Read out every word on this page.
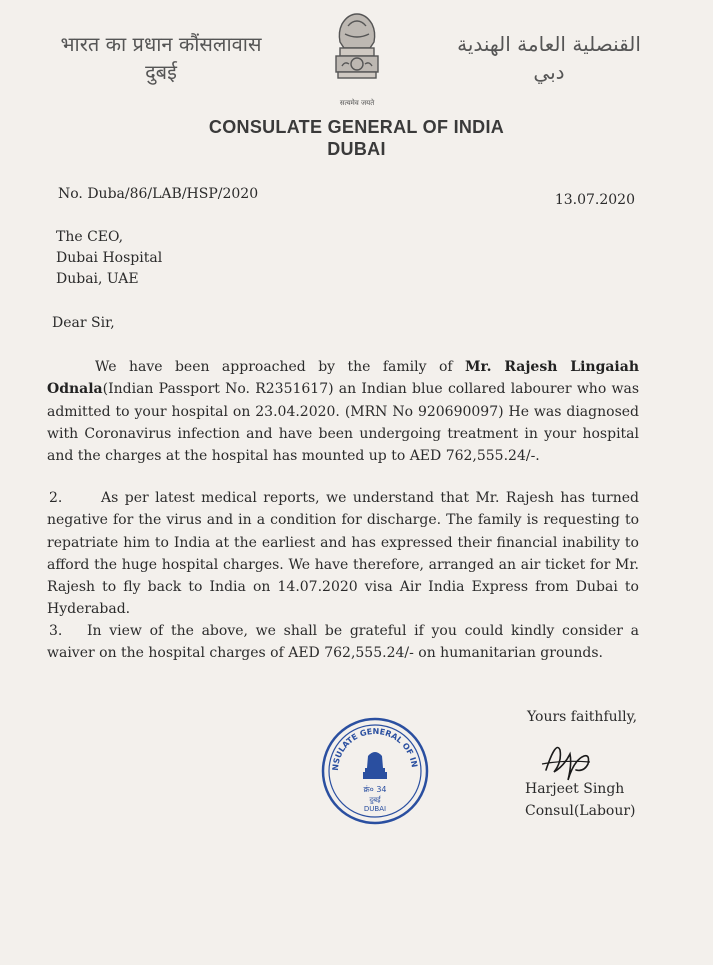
भारत का प्रधान कौंसलावास
दुबई
सत्यमेव जयते
القنصلية العامة الهندية
دبي
CONSULATE GENERAL OF INDIA
DUBAI
No. Duba/86/LAB/HSP/2020	13.07.2020
The CEO,
Dubai Hospital
Dubai, UAE
Dear Sir,
We have been approached by the family of Mr. Rajesh Lingaiah Odnala(Indian Passport No. R2351617) an Indian blue collared labourer who was admitted to your hospital on 23.04.2020. (MRN No 920690097) He was diagnosed with Coronavirus infection and have been undergoing treatment in your hospital and the charges at the hospital has mounted up to AED 762,555.24/-.
2.	As per latest medical reports, we understand that Mr. Rajesh has turned negative for the virus and in a condition for discharge. The family is requesting to repatriate him to India at the earliest and has expressed their financial inability to afford the huge hospital charges. We have therefore, arranged an air ticket for Mr. Rajesh to fly back to India on 14.07.2020 visa Air India Express from Dubai to Hyderabad.
3. In view of the above, we shall be grateful if you could kindly consider a waiver on the hospital charges of AED 762,555.24/- on humanitarian grounds.
Yours faithfully,
NSULATE GENERAL OF IN
क्रं० 34
दुबई
DUBAI
Harjeet Singh
Consul(Labour)
